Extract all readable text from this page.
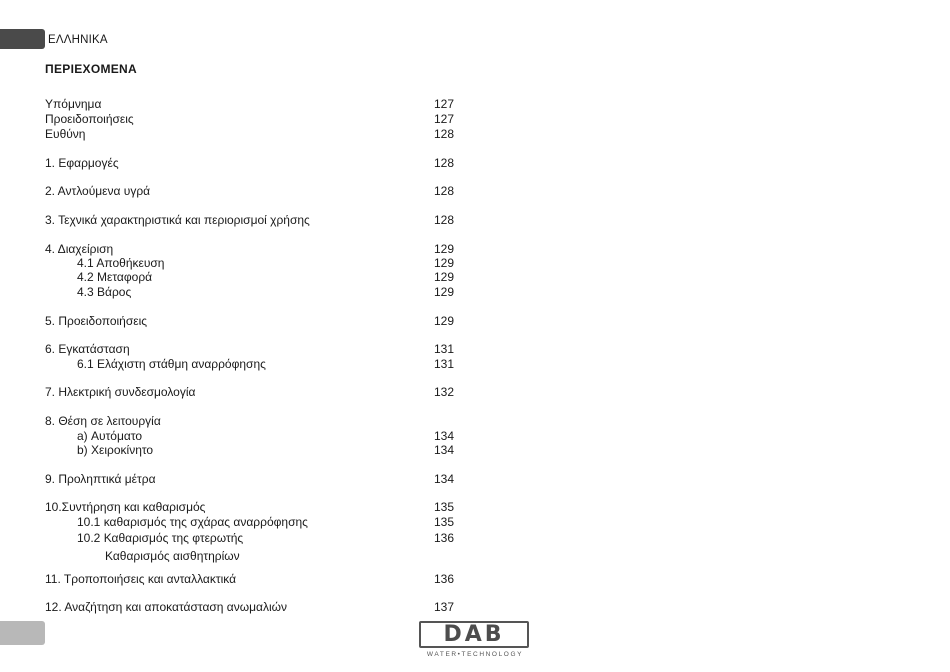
ΕΛΛΗΝΙΚΑ
ΠΕΡΙΕΧΟΜΕΝΑ
Υπόμνημα	127
Προειδοποιήσεις	127
Ευθύνη	128
1. Εφαρμογές	128
2. Αντλούμενα υγρά	128
3. Τεχνικά χαρακτηριστικά και περιορισμοί χρήσης	128
4. Διαχείριση	129
4.1 Αποθήκευση	129
4.2 Μεταφορά	129
4.3 Βάρος	129
5. Προειδοποιήσεις	129
6. Εγκατάσταση	131
6.1 Ελάχιστη στάθμη αναρρόφησης	131
7. Ηλεκτρική συνδεσμολογία	132
8. Θέση σε λειτουργία
a) Αυτόματο	134
b) Χειροκίνητο	134
9. Προληπτικά μέτρα	134
10.Συντήρηση και καθαρισμός	135
10.1 καθαρισμός της σχάρας αναρρόφησης	135
10.2 Καθαρισμός της φτερωτής	136
Καθαρισμός αισθητηρίων
11. Τροποποιήσεις και ανταλλακτικά	136
12. Αναζήτηση και αποκατάσταση ανωμαλιών	137
DAB
WATER•TECHNOLOGY
